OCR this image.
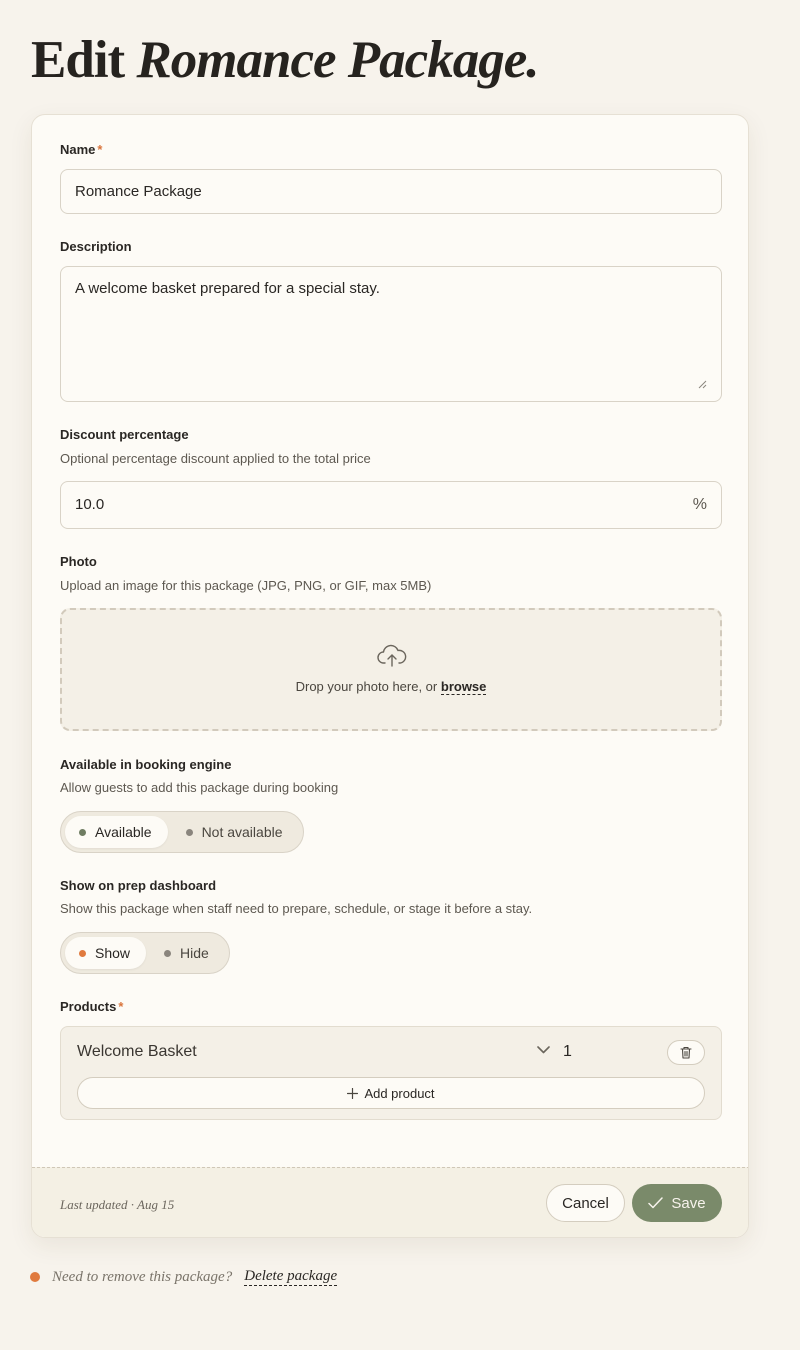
Edit Romance Package.
Name *
Romance Package
Description
A welcome basket prepared for a special stay.
Discount percentage
Optional percentage discount applied to the total price
10.0	%
Photo
Upload an image for this package (JPG, PNG, or GIF, max 5MB)
Drop your photo here, or browse
Available in booking engine
Allow guests to add this package during booking
Available	Not available
Show on prep dashboard
Show this package when staff need to prepare, schedule, or stage it before a stay.
Show	Hide
Products *
Welcome Basket	1
Add product
Last updated · Aug 15	Cancel	Save
Need to remove this package? Delete package
